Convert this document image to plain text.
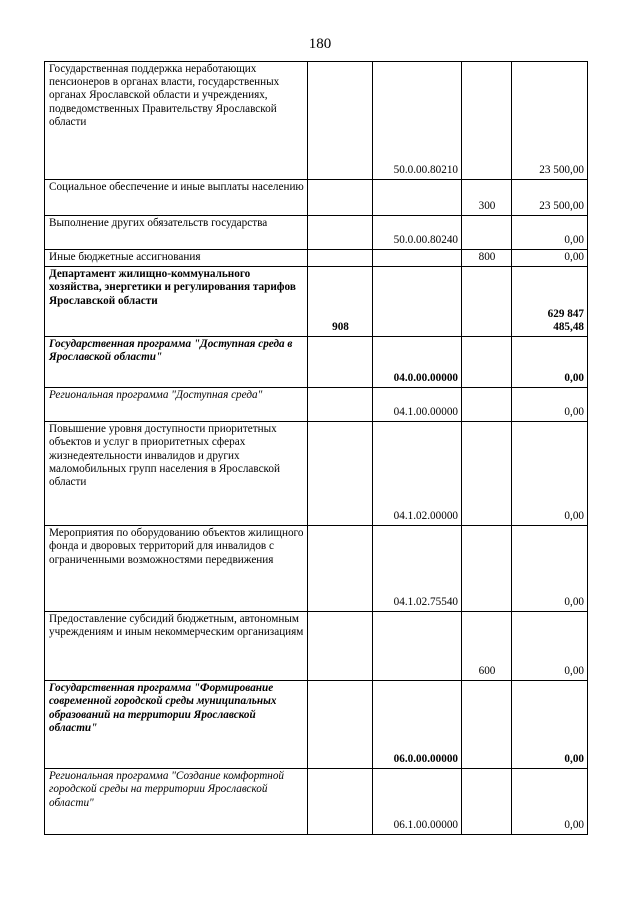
180
Государственная поддержка неработающих пенсионеров в органах власти, государственных органах Ярославской области и учреждениях, подведомственных Правительству Ярославской области		50.0.00.80210		23 500,00
Социальное обеспечение и иные выплаты населению			300	23 500,00
Выполнение других обязательств государства		50.0.00.80240		0,00
Иные бюджетные ассигнования			800	0,00
Департамент жилищно-коммунального хозяйства, энергетики и регулирования тарифов Ярославской области	908			629 847 485,48
Государственная программа "Доступная среда в Ярославской области"		04.0.00.00000		0,00
Региональная программа "Доступная среда"		04.1.00.00000		0,00
Повышение уровня доступности приоритетных объектов и услуг в приоритетных сферах жизнедеятельности инвалидов и других маломобильных групп населения в Ярославской области		04.1.02.00000		0,00
Мероприятия по оборудованию объектов жилищного фонда и дворовых территорий для инвалидов с ограниченными возможностями передвижения		04.1.02.75540		0,00
Предоставление субсидий бюджетным, автономным учреждениям и иным некоммерческим организациям			600	0,00
Государственная программа "Формирование современной городской среды муниципальных образований на территории Ярославской области"		06.0.00.00000		0,00
Региональная программа "Создание комфортной городской среды на территории Ярославской области"		06.1.00.00000		0,00
